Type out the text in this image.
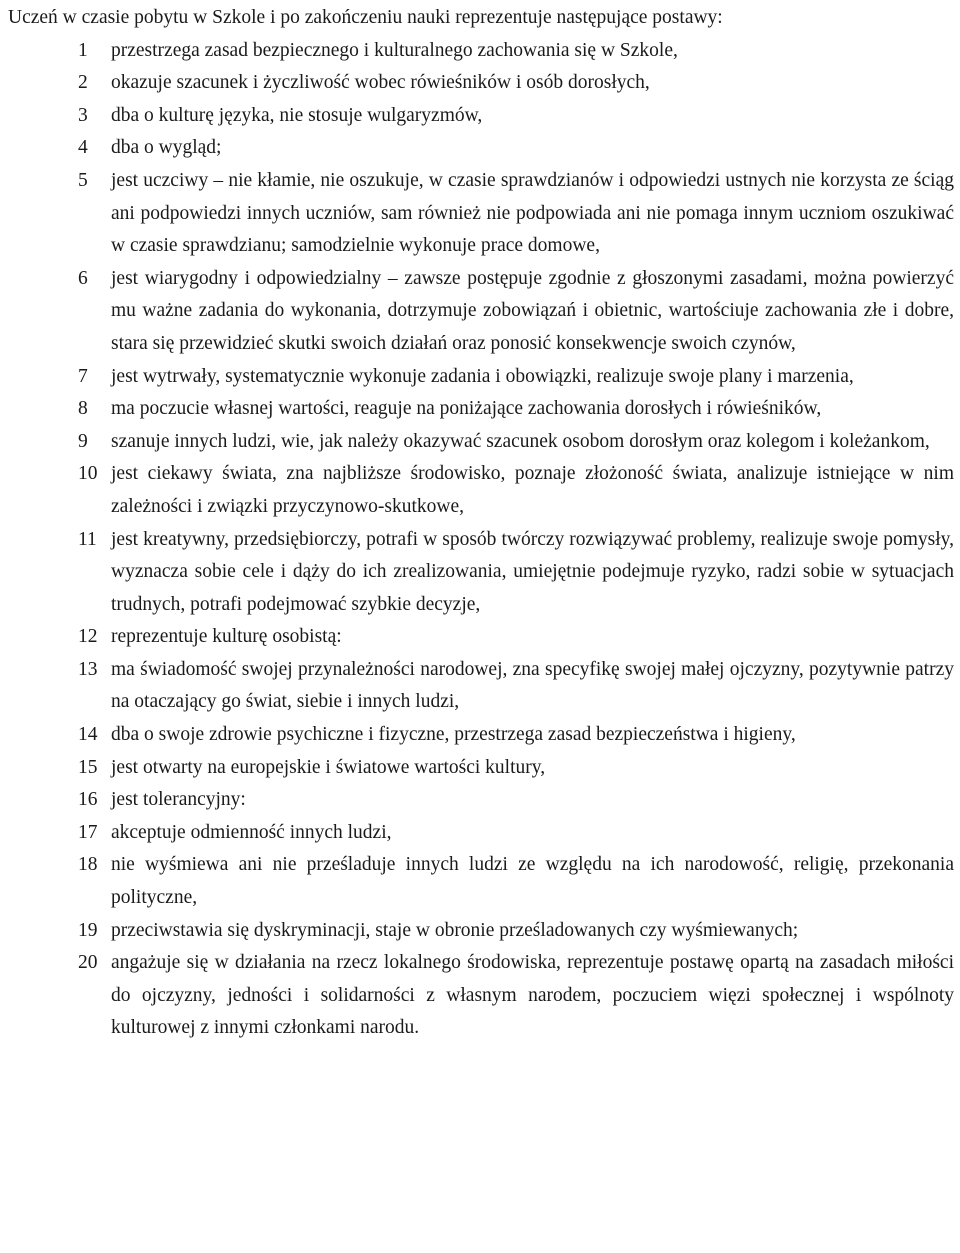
Uczeń w czasie pobytu w Szkole i po zakończeniu nauki reprezentuje następujące postawy:

1	przestrzega zasad bezpiecznego i kulturalnego zachowania się w Szkole,
2	okazuje szacunek i życzliwość wobec rówieśników i osób dorosłych,
3	dba o kulturę języka, nie stosuje wulgaryzmów,
4	dba o wygląd;
5	jest uczciwy – nie kłamie, nie oszukuje, w czasie sprawdzianów i odpowiedzi ustnych nie korzysta ze ściąg ani podpowiedzi innych uczniów, sam również nie podpowiada ani nie pomaga innym uczniom oszukiwać w czasie sprawdzianu; samodzielnie wykonuje prace domowe,
6	jest wiarygodny i odpowiedzialny – zawsze postępuje zgodnie z głoszonymi zasadami, można powierzyć mu ważne zadania do wykonania, dotrzymuje zobowiązań i obietnic, wartościuje zachowania złe i dobre, stara się przewidzieć skutki swoich działań oraz ponosić konsekwencje swoich czynów,
7	jest wytrwały, systematycznie wykonuje zadania i obowiązki, realizuje swoje plany i marzenia,
8	ma poczucie własnej wartości, reaguje na poniżające zachowania dorosłych i rówieśników,
9	szanuje innych ludzi, wie, jak należy okazywać szacunek osobom dorosłym oraz kolegom i koleżankom,
10 jest ciekawy świata, zna najbliższe środowisko, poznaje złożoność świata, analizuje istniejące w nim zależności i związki przyczynowo-skutkowe,
11 jest kreatywny, przedsiębiorczy, potrafi w sposób twórczy rozwiązywać problemy, realizuje swoje pomysły, wyznacza sobie cele i dąży do ich zrealizowania, umiejętnie podejmuje ryzyko, radzi sobie w sytuacjach trudnych, potrafi podejmować szybkie decyzje,
12 reprezentuje kulturę osobistą:
13 ma świadomość swojej przynależności narodowej, zna specyfikę swojej małej ojczyzny, pozytywnie patrzy na otaczający go świat, siebie i innych ludzi,
14 dba o swoje zdrowie psychiczne i fizyczne, przestrzega zasad bezpieczeństwa i higieny,
15 jest otwarty na europejskie i światowe wartości kultury,
16 jest tolerancyjny:
17 akceptuje odmienność innych ludzi,
18 nie wyśmiewa ani nie prześladuje innych ludzi ze względu na ich narodowość, religię, przekonania polityczne,
19 przeciwstawia się dyskryminacji, staje w obronie prześladowanych czy wyśmiewanych;
20 angażuje się w działania na rzecz lokalnego środowiska, reprezentuje postawę opartą na zasadach miłości do ojczyzny, jedności i solidarności z własnym narodem, poczuciem więzi społecznej i wspólnoty kulturowej z innymi członkami narodu.
